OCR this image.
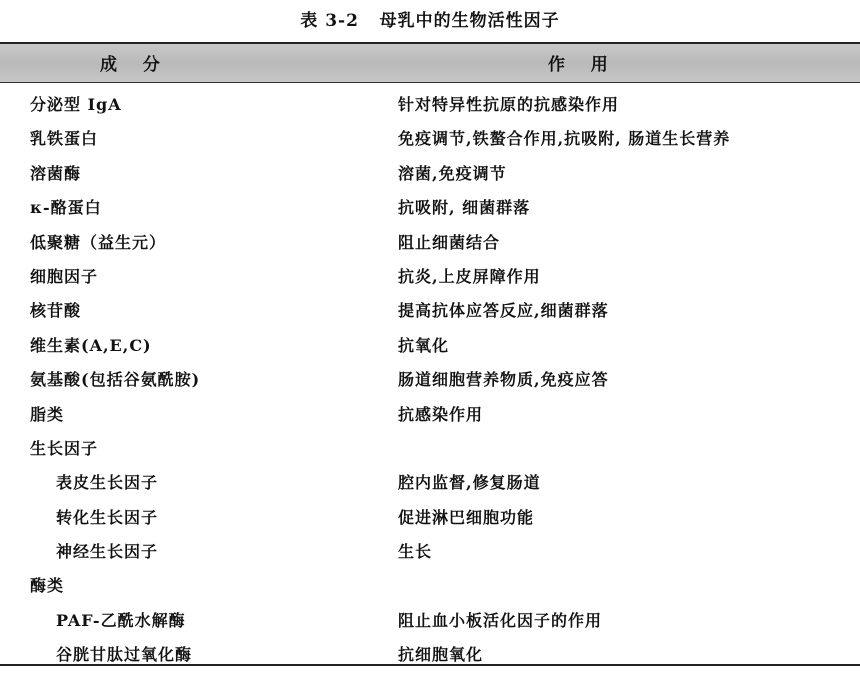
表 3-2   母乳中的生物活性因子
成   分	作   用
分泌型 IgA	针对特异性抗原的抗感染作用
乳铁蛋白	免疫调节,铁螯合作用,抗吸附, 肠道生长营养
溶菌酶	溶菌,免疫调节
κ-酪蛋白	抗吸附, 细菌群落
低聚糖（益生元）	阻止细菌结合
细胞因子	抗炎,上皮屏障作用
核苷酸	提高抗体应答反应,细菌群落
维生素(A,E,C)	抗氧化
氨基酸(包括谷氨酰胺)	肠道细胞营养物质,免疫应答
脂类	抗感染作用
生长因子
表皮生长因子	腔内监督,修复肠道
转化生长因子	促进淋巴细胞功能
神经生长因子	生长
酶类
PAF-乙酰水解酶	阻止血小板活化因子的作用
谷胱甘肽过氧化酶	抗细胞氧化
